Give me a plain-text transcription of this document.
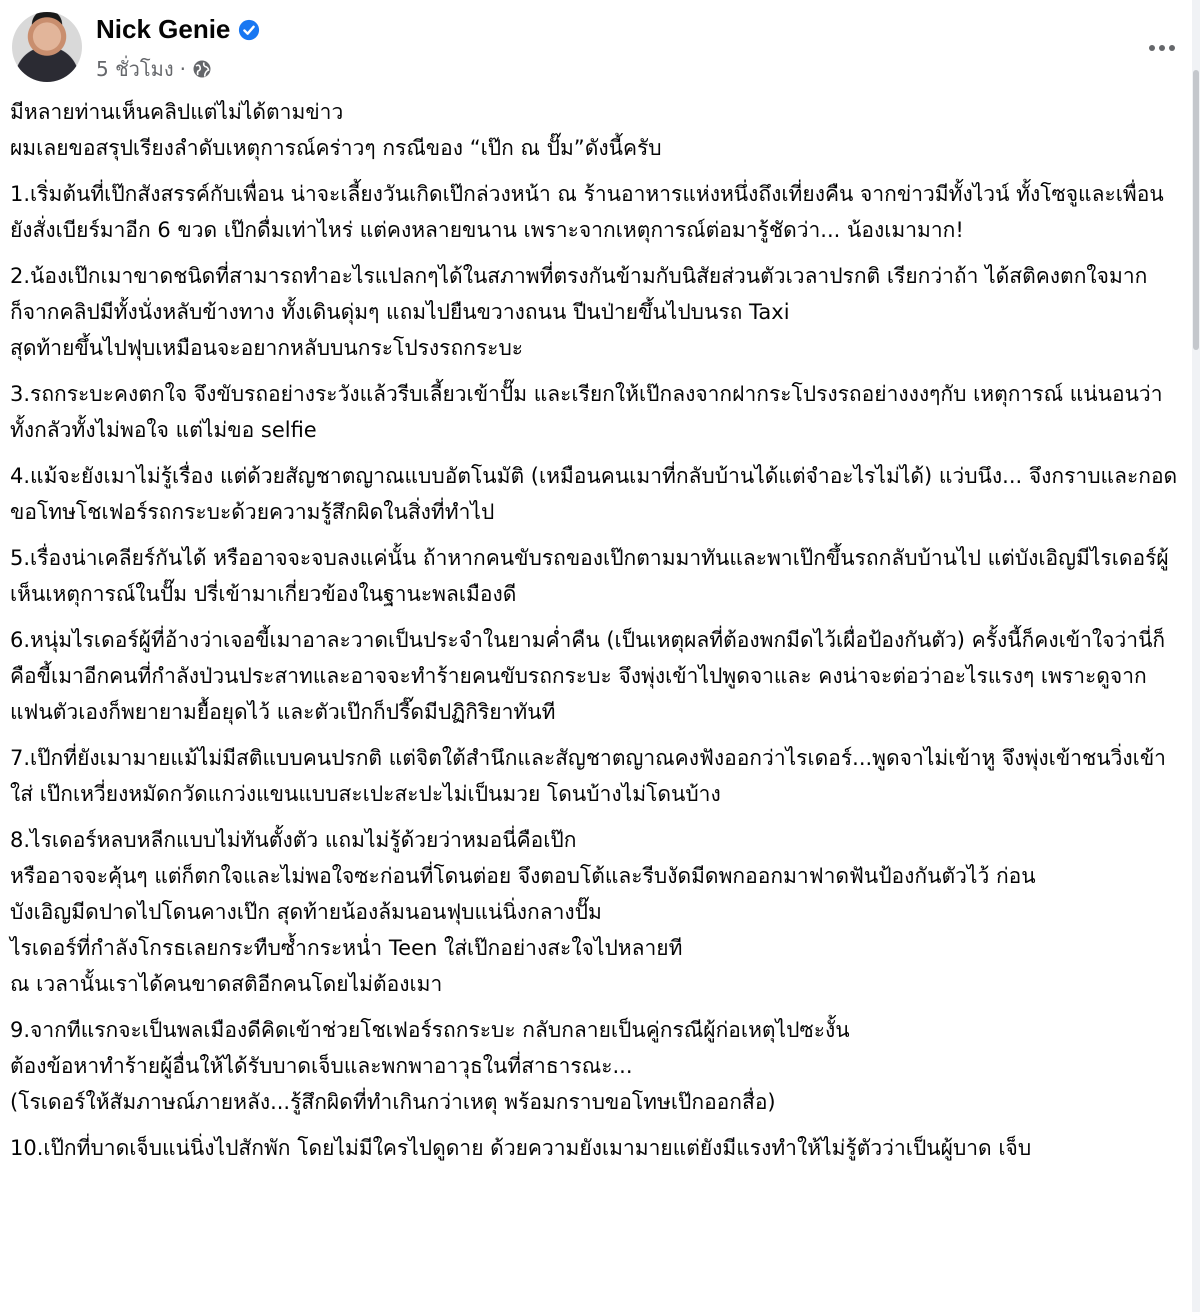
Nick Genie
5 ชั่วโมง ·
มีหลายท่านเห็นคลิปแต่ไม่ได้ตามข่าว
ผมเลยขอสรุปเรียงลำดับเหตุการณ์คร่าวๆ กรณีของ “เป๊ก ณ ปั๊ม”ดังนี้ครับ
1.เริ่มต้นที่เป๊กสังสรรค์กับเพื่อน น่าจะเลี้ยงวันเกิดเป๊กล่วงหน้า ณ ร้านอาหารแห่งหนึ่งถึงเที่ยงคืน จากข่าวมีทั้งไวน์ ทั้งโซจูและเพื่อนยังสั่งเบียร์มาอีก 6 ขวด เป๊กดื่มเท่าไหร่ แต่คงหลายขนาน เพราะจากเหตุการณ์ต่อมารู้ชัดว่า... น้องเมามาก!
2.น้องเป๊กเมาขาดชนิดที่สามารถทำอะไรแปลกๆได้ในสภาพที่ตรงกันข้ามกับนิสัยส่วนตัวเวลาปรกติ เรียกว่าถ้า ได้สติคงตกใจมาก
ก็จากคลิปมีทั้งนั่งหลับข้างทาง ทั้งเดินดุ่มๆ แถมไปยืนขวางถนน ปีนป่ายขึ้นไปบนรถ Taxi
สุดท้ายขึ้นไปฟุบเหมือนจะอยากหลับบนกระโปรงรถกระบะ
3.รถกระบะคงตกใจ จึงขับรถอย่างระวังแล้วรีบเลี้ยวเข้าปั๊ม และเรียกให้เป๊กลงจากฝากระโปรงรถอย่างงงๆกับ เหตุการณ์ แน่นอนว่าทั้งกลัวทั้งไม่พอใจ แต่ไม่ขอ selfie
4.แม้จะยังเมาไม่รู้เรื่อง แต่ด้วยสัญชาตญาณแบบอัตโนมัติ (เหมือนคนเมาที่กลับบ้านได้แต่จำอะไรไม่ได้) แว่บนึง... จึงกราบและกอดขอโทษโชเฟอร์รถกระบะด้วยความรู้สึกผิดในสิ่งที่ทำไป
5.เรื่องน่าเคลียร์กันได้ หรืออาจจะจบลงแค่นั้น ถ้าหากคนขับรถของเป๊กตามมาทันและพาเป๊กขึ้นรถกลับบ้านไป แต่บังเอิญมีไรเดอร์ผู้เห็นเหตุการณ์ในปั๊ม ปรี่เข้ามาเกี่ยวข้องในฐานะพลเมืองดี
6.หนุ่มไรเดอร์ผู้ที่อ้างว่าเจอขี้เมาอาละวาดเป็นประจำในยามค่ำคืน (เป็นเหตุผลที่ต้องพกมีดไว้เผื่อป้องกันตัว) ครั้งนี้ก็คงเข้าใจว่านี่ก็คือขี้เมาอีกคนที่กำลังป่วนประสาทและอาจจะทำร้ายคนขับรถกระบะ จึงพุ่งเข้าไปพูดจาและ คงน่าจะต่อว่าอะไรแรงๆ เพราะดูจากแฟนตัวเองก็พยายามยื้อยุดไว้ และตัวเป๊กก็ปรี๊ดมีปฏิกิริยาทันที
7.เป๊กที่ยังเมามายแม้ไม่มีสติแบบคนปรกติ แต่จิตใต้สำนึกและสัญชาตญาณคงฟังออกว่าไรเดอร์...พูดจาไม่เข้าหู จึงพุ่งเข้าชนวิ่งเข้าใส่ เป๊กเหวี่ยงหมัดกวัดแกว่งแขนแบบสะเปะสะปะไม่เป็นมวย โดนบ้างไม่โดนบ้าง
8.ไรเดอร์หลบหลีกแบบไม่ทันตั้งตัว แถมไม่รู้ด้วยว่าหมอนี่คือเป๊ก
หรืออาจจะคุ้นๆ แต่ก็ตกใจและไม่พอใจซะก่อนที่โดนต่อย จึงตอบโต้และรีบงัดมีดพกออกมาฟาดฟันป้องกันตัวไว้ ก่อน
บังเอิญมีดปาดไปโดนคางเป๊ก สุดท้ายน้องล้มนอนฟุบแน่นิ่งกลางปั๊ม
ไรเดอร์ที่กำลังโกรธเลยกระทืบซ้ำกระหน่ำ Teen ใส่เป๊กอย่างสะใจไปหลายที
ณ เวลานั้นเราได้คนขาดสติอีกคนโดยไม่ต้องเมา
9.จากทีแรกจะเป็นพลเมืองดีคิดเข้าช่วยโชเฟอร์รถกระบะ กลับกลายเป็นคู่กรณีผู้ก่อเหตุไปซะงั้น
ต้องข้อหาทำร้ายผู้อื่นให้ได้รับบาดเจ็บและพกพาอาวุธในที่สาธารณะ...
(โรเดอร์ให้สัมภาษณ์ภายหลัง...รู้สึกผิดที่ทำเกินกว่าเหตุ พร้อมกราบขอโทษเป๊กออกสื่อ)
10.เป๊กที่บาดเจ็บแน่นิ่งไปสักพัก โดยไม่มีใครไปดูดาย ด้วยความยังเมามายแต่ยังมีแรงทำให้ไม่รู้ตัวว่าเป็นผู้บาด เจ็บ
